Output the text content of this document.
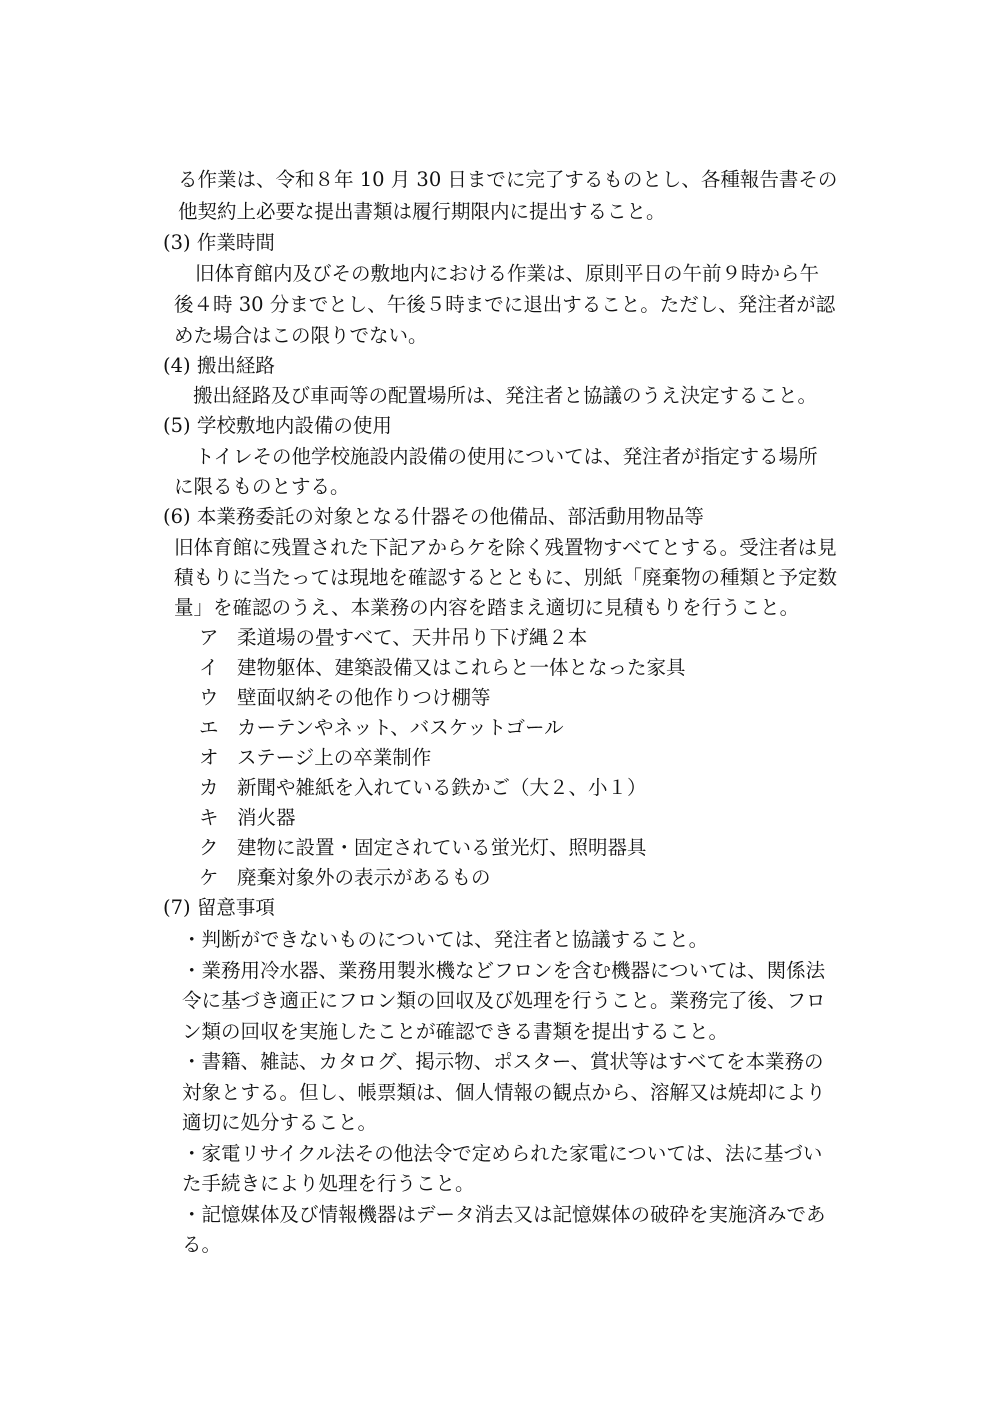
る作業は、令和８年 10 月 30 日までに完了するものとし、各種報告書その
他契約上必要な提出書類は履行期限内に提出すること。
(3) 作業時間
旧体育館内及びその敷地内における作業は、原則平日の午前９時から午
後４時 30 分までとし、午後５時までに退出すること。ただし、発注者が認
めた場合はこの限りでない。
(4) 搬出経路
搬出経路及び車両等の配置場所は、発注者と協議のうえ決定すること。
(5) 学校敷地内設備の使用
トイレその他学校施設内設備の使用については、発注者が指定する場所
に限るものとする。
(6) 本業務委託の対象となる什器その他備品、部活動用物品等
旧体育館に残置された下記アからケを除く残置物すべてとする。受注者は見
積もりに当たっては現地を確認するとともに、別紙「廃棄物の種類と予定数
量」を確認のうえ、本業務の内容を踏まえ適切に見積もりを行うこと。
ア 柔道場の畳すべて、天井吊り下げ縄２本
イ 建物躯体、建築設備又はこれらと一体となった家具
ウ 壁面収納その他作りつけ棚等
エ カーテンやネット、バスケットゴール
オ ステージ上の卒業制作
カ 新聞や雑紙を入れている鉄かご（大２、小１）
キ 消火器
ク 建物に設置・固定されている蛍光灯、照明器具
ケ 廃棄対象外の表示があるもの
(7) 留意事項
・判断ができないものについては、発注者と協議すること。
・業務用冷水器、業務用製氷機などフロンを含む機器については、関係法
令に基づき適正にフロン類の回収及び処理を行うこと。業務完了後、フロ
ン類の回収を実施したことが確認できる書類を提出すること。
・書籍、雑誌、カタログ、掲示物、ポスター、賞状等はすべてを本業務の
対象とする。但し、帳票類は、個人情報の観点から、溶解又は焼却により
適切に処分すること。
・家電リサイクル法その他法令で定められた家電については、法に基づい
た手続きにより処理を行うこと。
・記憶媒体及び情報機器はデータ消去又は記憶媒体の破砕を実施済みであ
る。
